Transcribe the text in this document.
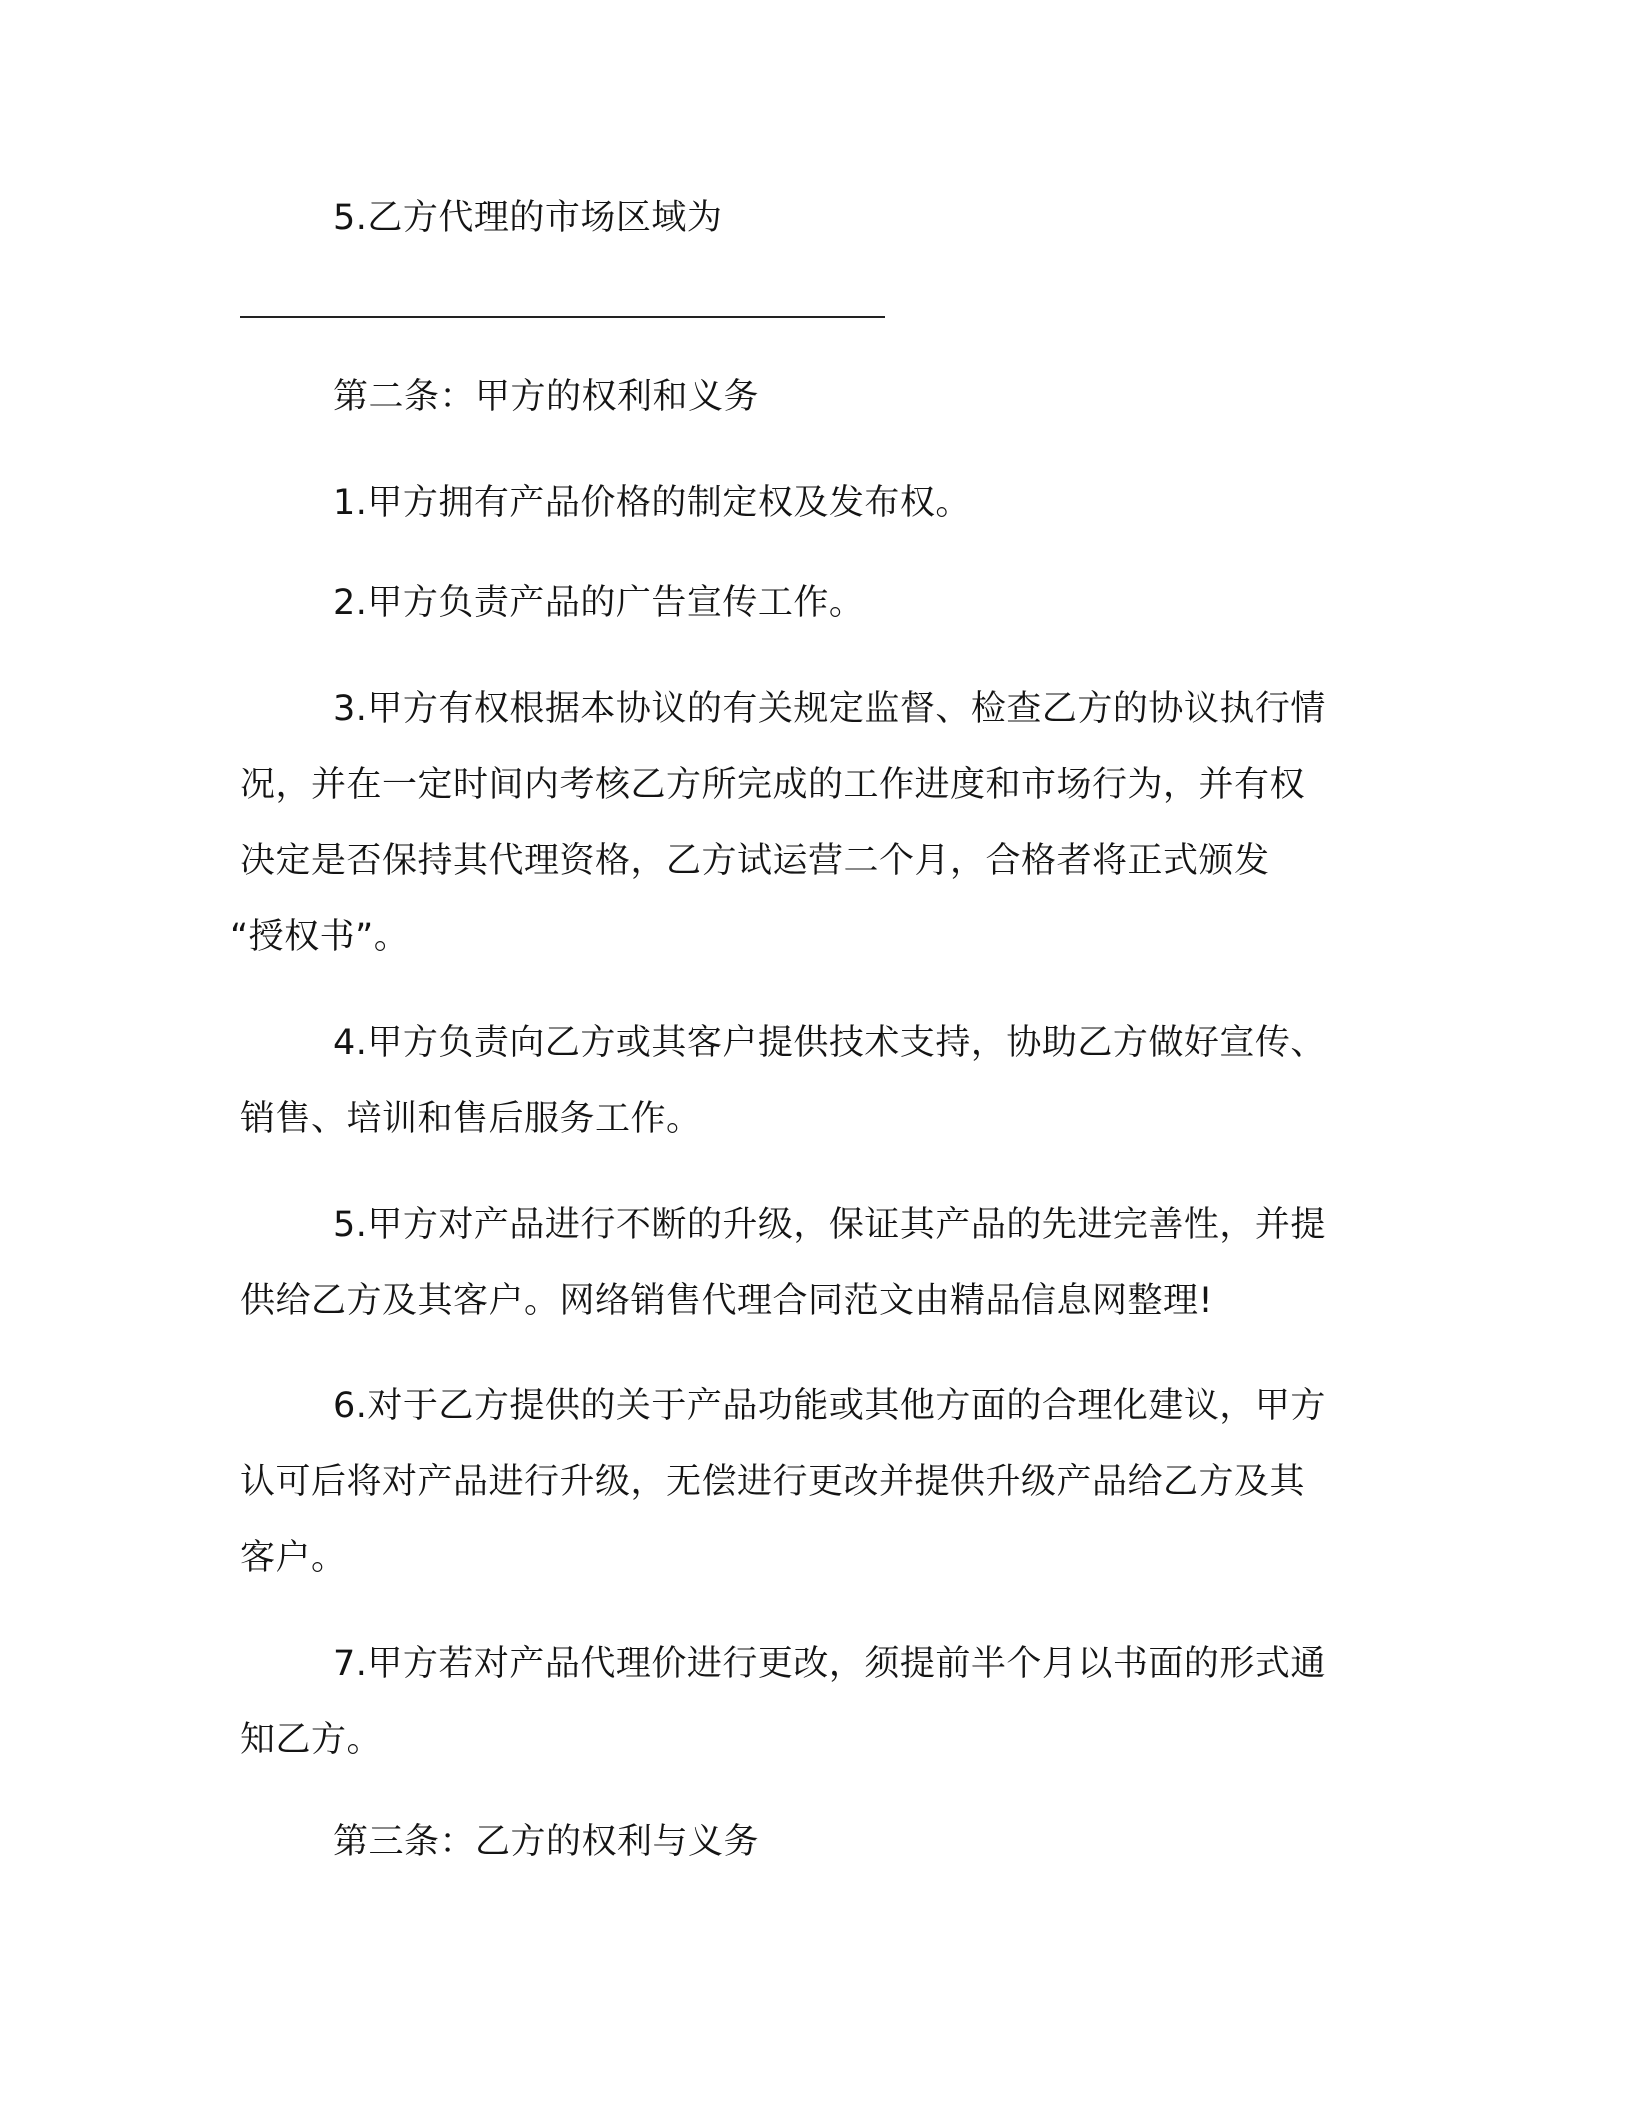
5.乙方代理的市场区域为
第二条：甲方的权利和义务
1.甲方拥有产品价格的制定权及发布权。
2.甲方负责产品的广告宣传工作。
3.甲方有权根据本协议的有关规定监督、检查乙方的协议执行情
况，并在一定时间内考核乙方所完成的工作进度和市场行为，并有权
决定是否保持其代理资格，乙方试运营二个月，合格者将正式颁发
“授权书”。
4.甲方负责向乙方或其客户提供技术支持，协助乙方做好宣传、
销售、培训和售后服务工作。
5.甲方对产品进行不断的升级，保证其产品的先进完善性，并提
供给乙方及其客户。网络销售代理合同范文由精品信息网整理!
6.对于乙方提供的关于产品功能或其他方面的合理化建议，甲方
认可后将对产品进行升级，无偿进行更改并提供升级产品给乙方及其
客户。
7.甲方若对产品代理价进行更改，须提前半个月以书面的形式通
知乙方。
第三条：乙方的权利与义务
